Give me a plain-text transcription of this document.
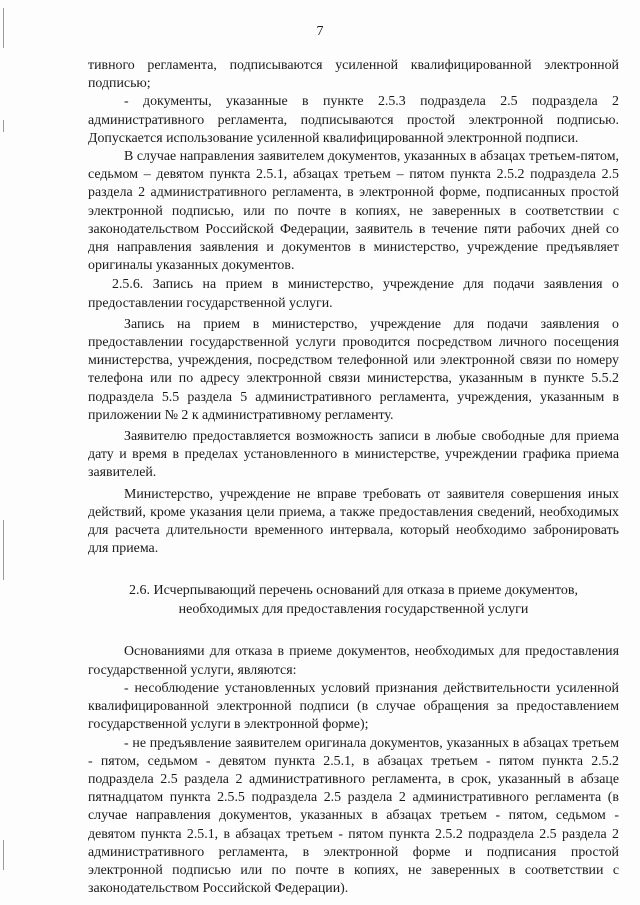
7

тивного регламента, подписываются усиленной квалифицированной электронной подписью;

- документы, указанные в пункте 2.5.3 подраздела 2.5 подраздела 2 административного регламента, подписываются простой электронной подписью. Допускается использование усиленной квалифицированной электронной подписи.

В случае направления заявителем документов, указанных в абзацах третьем-пятом, седьмом – девятом пункта 2.5.1, абзацах третьем – пятом пункта 2.5.2 подраздела 2.5 раздела 2 административного регламента, в электронной форме, подписанных простой электронной подписью, или по почте в копиях, не заверенных в соответствии с законодательством Российской Федерации, заявитель в течение пяти рабочих дней со дня направления заявления и документов в министерство, учреждение предъявляет оригиналы указанных документов.

2.5.6. Запись на прием в министерство, учреждение для подачи заявления о предоставлении государственной услуги.

Запись на прием в министерство, учреждение для подачи заявления о предоставлении государственной услуги проводится посредством личного посещения министерства, учреждения, посредством телефонной или электронной связи по номеру телефона или по адресу электронной связи министерства, указанным в пункте 5.5.2 подраздела 5.5 раздела 5 административного регламента, учреждения, указанным в приложении № 2 к административному регламенту.

Заявителю предоставляется возможность записи в любые свободные для приема дату и время в пределах установленного в министерстве, учреждении графика приема заявителей.

Министерство, учреждение не вправе требовать от заявителя совершения иных действий, кроме указания цели приема, а также предоставления сведений, необходимых для расчета длительности временного интервала, который необходимо забронировать для приема.

2.6. Исчерпывающий перечень оснований для отказа в приеме документов,
необходимых для предоставления государственной услуги

Основаниями для отказа в приеме документов, необходимых для предоставления государственной услуги, являются:

- несоблюдение установленных условий признания действительности усиленной квалифицированной электронной подписи (в случае обращения за предоставлением государственной услуги в электронной форме);

- не предъявление заявителем оригинала документов, указанных в абзацах третьем - пятом, седьмом - девятом пункта 2.5.1, в абзацах третьем - пятом пункта 2.5.2 подраздела 2.5 раздела 2 административного регламента, в срок, указанный в абзаце пятнадцатом пункта 2.5.5 подраздела 2.5 раздела 2 административного регламента (в случае направления документов, указанных в абзацах третьем - пятом, седьмом - девятом пункта 2.5.1, в абзацах третьем - пятом пункта 2.5.2 подраздела 2.5 раздела 2 административного регламента, в электронной форме и подписания простой электронной подписью или по почте в копиях, не заверенных в соответствии с законодательством Российской Федерации).
